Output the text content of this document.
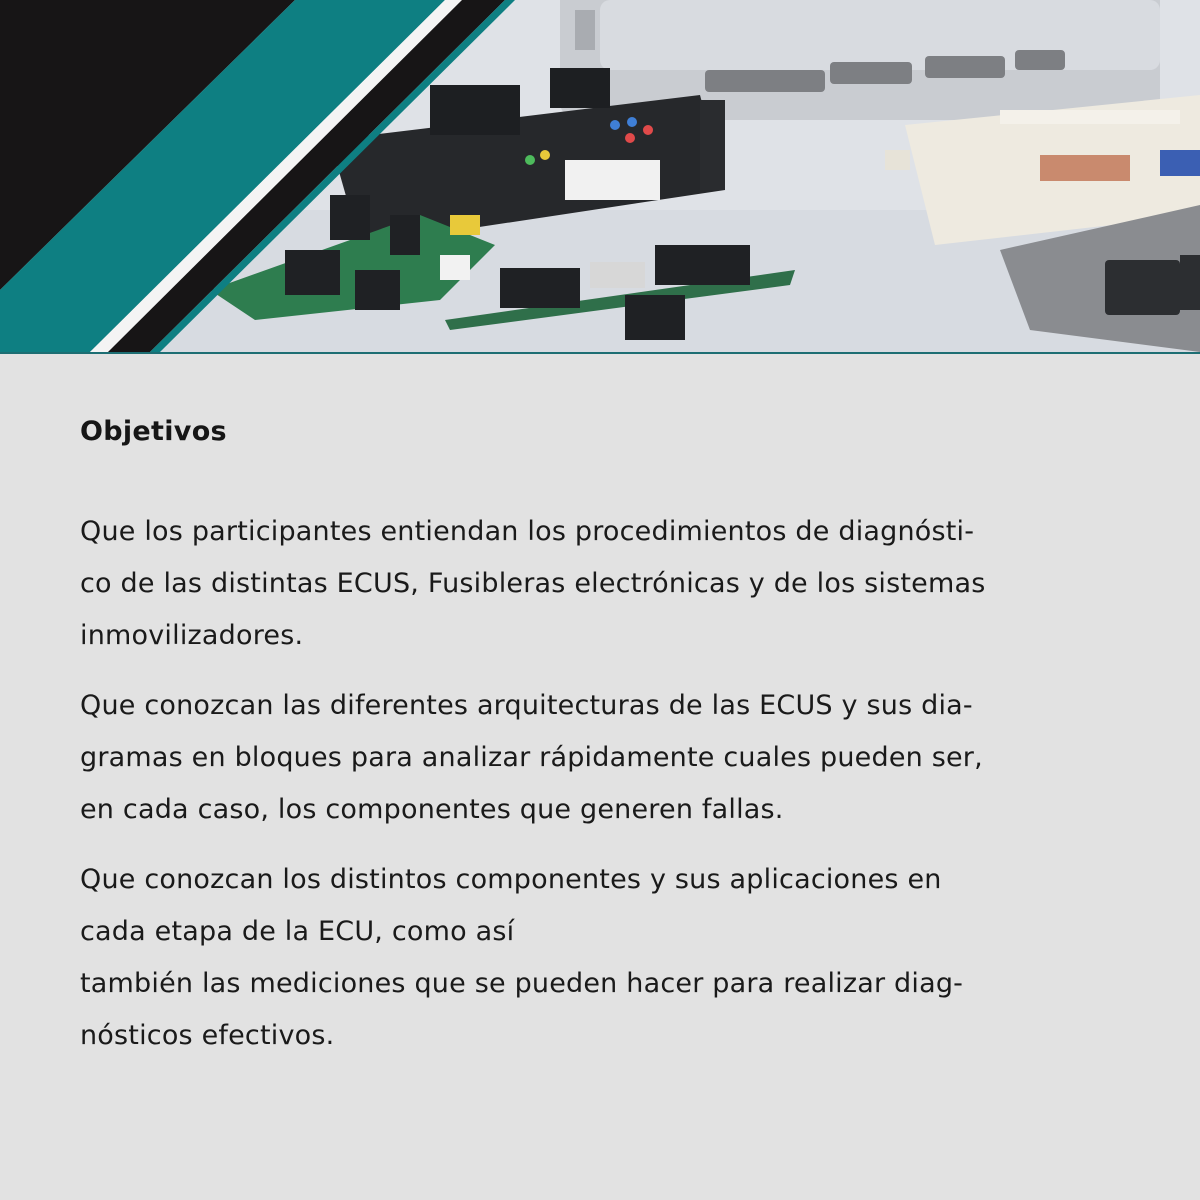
Objetivos

Que los participantes entiendan los procedimientos de diagnósti-
co de las distintas ECUS, Fusibleras electrónicas y de los sistemas
inmovilizadores.

Que conozcan las diferentes arquitecturas de las ECUS y sus dia-
gramas en bloques para analizar rápidamente cuales pueden ser,
en cada caso, los componentes que generen fallas.

Que conozcan los distintos componentes y sus aplicaciones en
cada etapa de la ECU, como así
también las mediciones que se pueden hacer para realizar diag-
nósticos efectivos.
